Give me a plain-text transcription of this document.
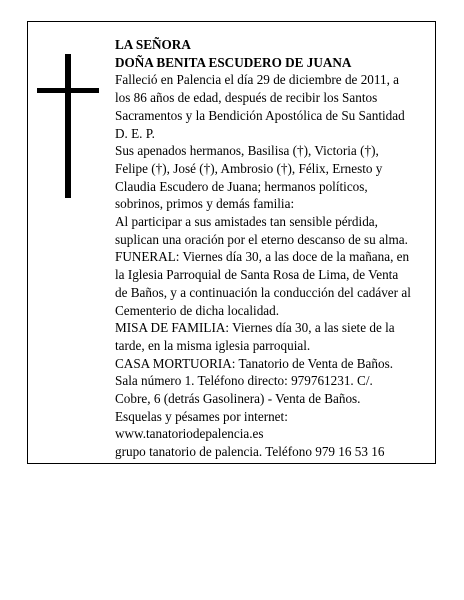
LA SEÑORA
DOÑA BENITA ESCUDERO DE JUANA
Falleció en Palencia el día 29 de diciembre de 2011, a
los 86 años de edad, después de recibir los Santos
Sacramentos y la Bendición Apostólica de Su Santidad
D. E. P.
Sus apenados hermanos, Basilisa (†), Victoria (†),
Felipe (†), José (†), Ambrosio (†), Félix, Ernesto y
Claudia Escudero de Juana; hermanos políticos,
sobrinos, primos y demás familia:
Al participar a sus amistades tan sensible pérdida,
suplican una oración por el eterno descanso de su alma.
FUNERAL: Viernes día 30, a las doce de la mañana, en
la Iglesia Parroquial de Santa Rosa de Lima, de Venta
de Baños, y a continuación la conducción del cadáver al
Cementerio de dicha localidad.
MISA DE FAMILIA: Viernes día 30, a las siete de la
tarde, en la misma iglesia parroquial.
CASA MORTUORIA: Tanatorio de Venta de Baños.
Sala número 1. Teléfono directo: 979761231. C/.
Cobre, 6 (detrás Gasolinera) - Venta de Baños.
Esquelas y pésames por internet:
www.tanatoriodepalencia.es
grupo tanatorio de palencia. Teléfono 979 16 53 16
